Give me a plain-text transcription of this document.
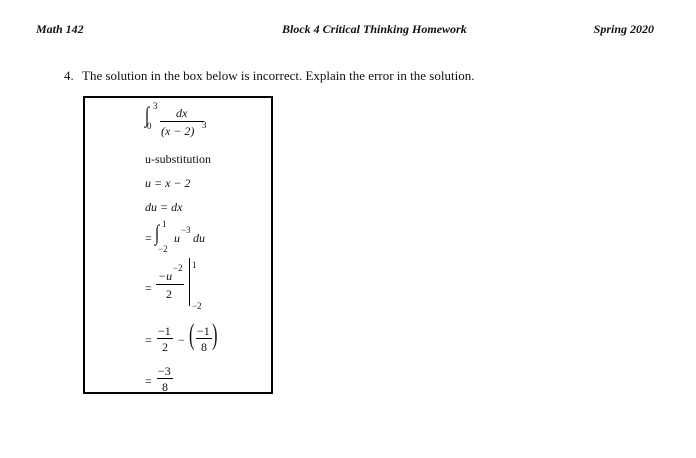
Math 142	Block 4 Critical Thinking Homework	Spring 2020
4. The solution in the box below is incorrect. Explain the error in the solution.
∫ 3
0
dx
(x − 2) 3
u-substitution
u = x − 2
du = dx
= ∫ 1
−2
u
−3
du
=
−u
−2
2
1
−2
=
−1
2 − ( −1
8 )
=
−3
8
